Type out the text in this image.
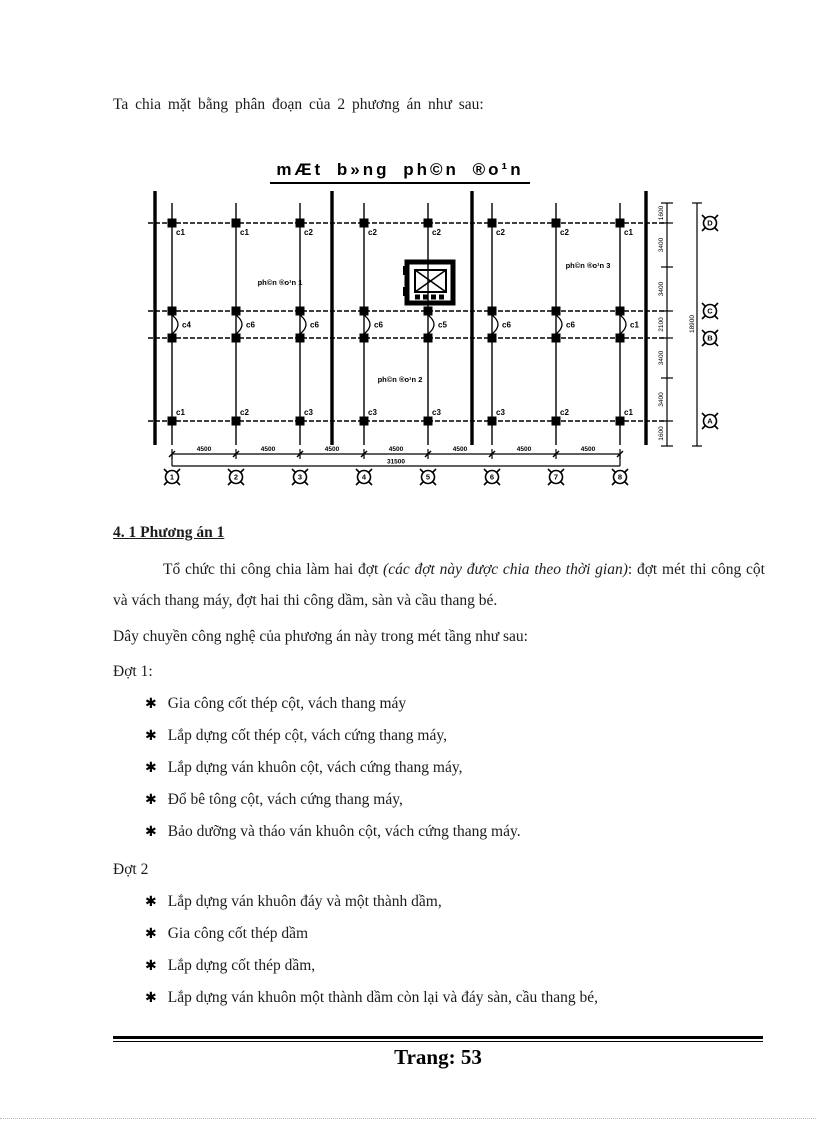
Ta chia mặt bằng phân đoạn của 2 phương án như sau:
mÆt b»ng ph©n ®o¹n
c1
c4
c1
c1
c6
c2
c2
c6
c3
c2
c6
c3
c2
c5
c3
c2
c6
c3
c2
c6
c2
c1
c1
c1
ph©n ®o¹n 1
ph©n ®o¹n 2
ph©n ®o¹n 3
1600
3400
3400
2100
3400
3400
1600
18900
D
C
B
A
4500	4500	4500	4500	4500	4500	4500
31500
1	2	3	4	5	6	7	8

4. 1 Phương án 1

Tổ chức thi công chia làm hai đợt (các đợt này được chia theo thời gian): đợt mét thi công cột và vách thang máy, đợt hai thi công dầm, sàn và cầu thang bé.

Dây chuyền công nghệ của phương án này trong mét tầng như sau:

Đợt 1:

✱ Gia công cốt thép cột, vách thang máy
✱ Lắp dựng cốt thép cột, vách cứng thang máy,
✱ Lắp dựng ván khuôn cột, vách cứng thang máy,
✱ Đổ bê tông cột, vách cứng thang máy,
✱ Bảo dưỡng và tháo ván khuôn cột, vách cứng thang máy.

Đợt 2

✱ Lắp dựng ván khuôn đáy và một thành dầm,
✱ Gia công cốt thép dầm
✱ Lắp dựng cốt thép dầm,
✱ Lắp dựng ván khuôn một thành dầm còn lại và đáy sàn, cầu thang bé,
Trang: 53
